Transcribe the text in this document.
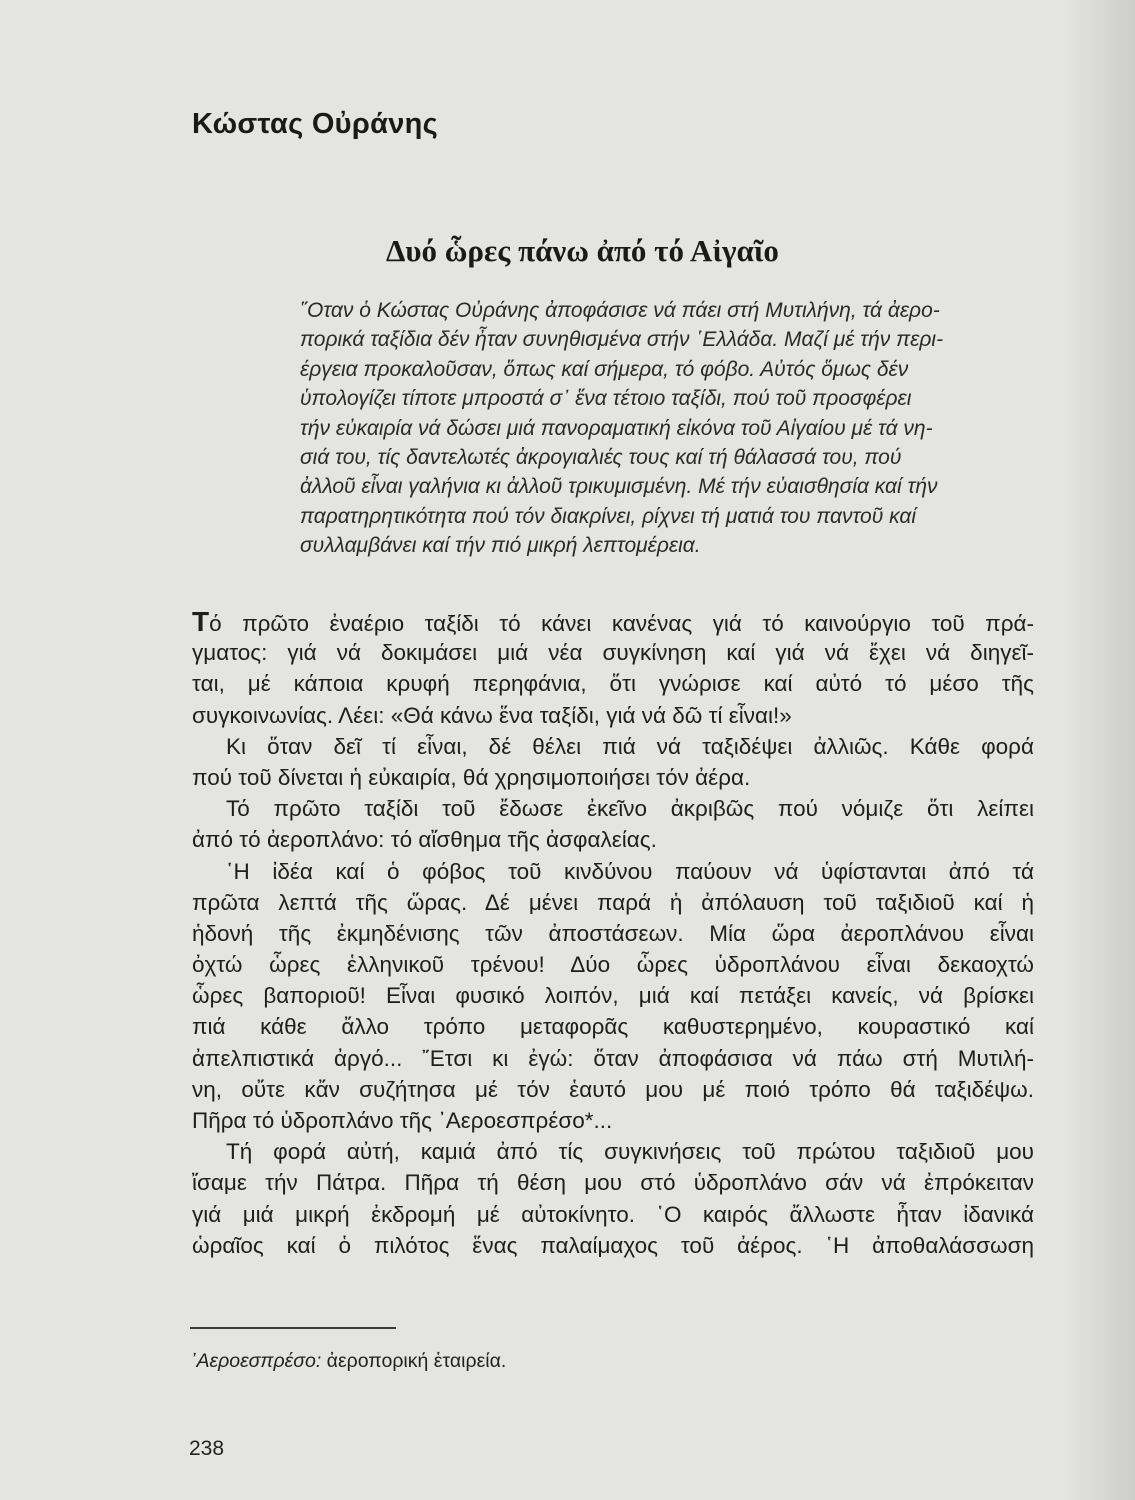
Κώστας Οὐράνης
Δυό ὧρες πάνω ἀπό τό Αἰγαῖο
῞Οταν ὁ Κώστας Οὐράνης ἀποφάσισε νά πάει στή Μυτιλήνη, τά ἀερο-
πορικά ταξίδια δέν ἦταν συνηθισμένα στήν ῾Ελλάδα. Μαζί μέ τήν περι-
έργεια προκαλοῦσαν, ὅπως καί σήμερα, τό φόβο. Αὐτός ὅμως δέν
ὑπολογίζει τίποτε μπροστά σ᾿ ἕνα τέτοιο ταξίδι, πού τοῦ προσφέρει
τήν εὐκαιρία νά δώσει μιά πανοραματική εἰκόνα τοῦ Αἰγαίου μέ τά νη-
σιά του, τίς δαντελωτές ἀκρογιαλιές τους καί τή θάλασσά του, πού
ἀλλοῦ εἶναι γαλήνια κι ἀλλοῦ τρικυμισμένη. Μέ τήν εὐαισθησία καί τήν
παρατηρητικότητα πού τόν διακρίνει, ρίχνει τή ματιά του παντοῦ καί
συλλαμβάνει καί τήν πιό μικρή λεπτομέρεια.
Τό πρῶτο ἐναέριο ταξίδι τό κάνει κανένας γιά τό καινούργιο τοῦ πρά-
γματος: γιά νά δοκιμάσει μιά νέα συγκίνηση καί γιά νά ἔχει νά διηγεῖ-
ται, μέ κάποια κρυφή περηφάνια, ὅτι γνώρισε καί αὐτό τό μέσο τῆς
συγκοινωνίας. Λέει: «Θά κάνω ἕνα ταξίδι, γιά νά δῶ τί εἶναι!»
Κι ὅταν δεῖ τί εἶναι, δέ θέλει πιά νά ταξιδέψει ἀλλιῶς. Κάθε φορά
πού τοῦ δίνεται ἡ εὐκαιρία, θά χρησιμοποιήσει τόν ἀέρα.
Τό πρῶτο ταξίδι τοῦ ἔδωσε ἐκεῖνο ἀκριβῶς πού νόμιζε ὅτι λείπει
ἀπό τό ἀεροπλάνο: τό αἴσθημα τῆς ἀσφαλείας.
῾Η ἰδέα καί ὁ φόβος τοῦ κινδύνου παύουν νά ὑφίστανται ἀπό τά
πρῶτα λεπτά τῆς ὥρας. Δέ μένει παρά ἡ ἀπόλαυση τοῦ ταξιδιοῦ καί ἡ
ἡδονή τῆς ἐκμηδένισης τῶν ἀποστάσεων. Μία ὥρα ἀεροπλάνου εἶναι
ὀχτώ ὧρες ἑλληνικοῦ τρένου! Δύο ὧρες ὑδροπλάνου εἶναι δεκαοχτώ
ὧρες βαποριοῦ! Εἶναι φυσικό λοιπόν, μιά καί πετάξει κανείς, νά βρίσκει
πιά κάθε ἄλλο τρόπο μεταφορᾶς καθυστερημένο, κουραστικό καί
ἀπελπιστικά ἀργό... ῎Ετσι κι ἐγώ: ὅταν ἀποφάσισα νά πάω στή Μυτιλή-
νη, οὔτε κἄν συζήτησα μέ τόν ἑαυτό μου μέ ποιό τρόπο θά ταξιδέψω.
Πῆρα τό ὑδροπλάνο τῆς ᾿Αεροεσπρέσο*...
Τή φορά αὐτή, καμιά ἀπό τίς συγκινήσεις τοῦ πρώτου ταξιδιοῦ μου
ἴσαμε τήν Πάτρα. Πῆρα τή θέση μου στό ὑδροπλάνο σάν νά ἐπρόκειταν
γιά μιά μικρή ἐκδρομή μέ αὐτοκίνητο. ῾Ο καιρός ἄλλωστε ἦταν ἰδανικά
ὡραῖος καί ὁ πιλότος ἕνας παλαίμαχος τοῦ ἀέρος. ῾Η ἀποθαλάσσωση
᾿Αεροεσπρέσο: ἀεροπορική ἑταιρεία.
238
